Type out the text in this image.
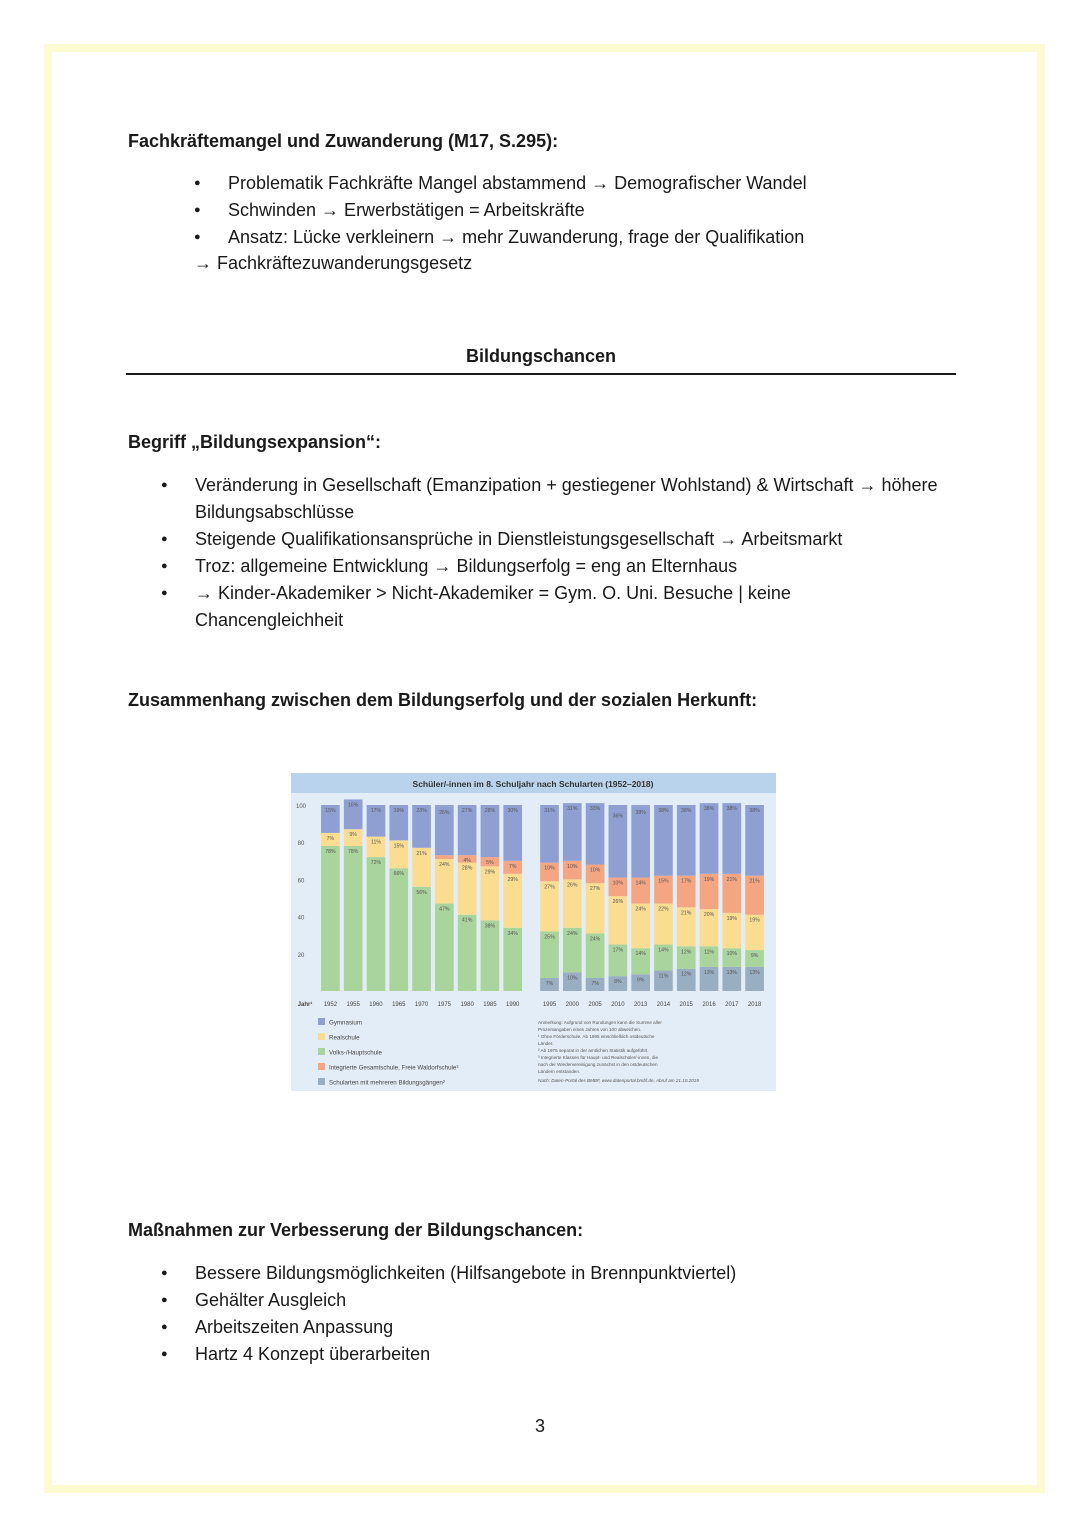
Fachkräftemangel und Zuwanderung (M17, S.295):
● Problematik Fachkräfte Mangel abstammend → Demografischer Wandel
● Schwinden → Erwerbstätigen = Arbeitskräfte
● Ansatz: Lücke verkleinern → mehr Zuwanderung, frage der Qualifikation
→ Fachkräftezuwanderungsgesetz
Bildungschancen
Begriff „Bildungsexpansion“:
● Veränderung in Gesellschaft (Emanzipation + gestiegener Wohlstand) & Wirtschaft → höhere Bildungsabschlüsse
● Steigende Qualifikationsansprüche in Dienstleistungsgesellschaft → Arbeitsmarkt
● Troz: allgemeine Entwicklung → Bildungserfolg = eng an Elternhaus
● → Kinder-Akademiker > Nicht-Akademiker = Gym. O. Uni. Besuche | keine Chancengleichheit
Zusammenhang zwischen dem Bildungserfolg und der sozialen Herkunft:
Schüler/-innen im 8. Schuljahr nach Schularten (1952–2018)
100
80
60
40
20
78%
7%
15%
1952
78%
9%
16%
1955
72%
11%
17%
1960
66%
15%
19%
1965
56%
21%
23%
1970
47%
24%
26%
1975
41%
28%
4%
27%
1980
38%
29%
5%
28%
1985
34%
29%
7%
30%
1990
7%
25%
27%
10%
31%
1995
10%
24%
26%
10%
31%
2000
7%
24%
27%
10%
33%
2005
8%
17%
26%
10%
36%
2010
9%
14%
24%
14%
38%
2013
11%
14%
22%
15%
38%
2014
12%
12%
21%
17%
38%
2015
13%
11%
20%
19%
38%
2016
13%
10%
19%
21%
38%
2017
13%
9%
19%
21%
38%
2018
Jahr¹
Gymnasium
Realschule
Volks-/Hauptschule
Integrierte Gesamtschule, Freie Waldorfschule³
Schularten mit mehreren Bildungsgängen²
Anmerkung: Aufgrund von Rundungen kann die Summe aller
Prozentangaben eines Jahres von 100 abweichen.
¹ Ohne Förderschule. Ab 1995 einschließlich ostdeutsche
Länder.
² Ab 1975 separat in der amtlichen Statistik aufgeführt.
³ Integrierte Klassen für Haupt- und Realschüler/-innen, die
nach der Wiedervereinigung zunächst in den ostdeutschen
Ländern entstanden.
Nach: Daten-Portal des BMBF, www.datenportal.bmbf.de, Abruf am 21.10.2019
Maßnahmen zur Verbesserung der Bildungschancen:
● Bessere Bildungsmöglichkeiten (Hilfsangebote in Brennpunktviertel)
● Gehälter Ausgleich
● Arbeitszeiten Anpassung
● Hartz 4 Konzept überarbeiten
3
